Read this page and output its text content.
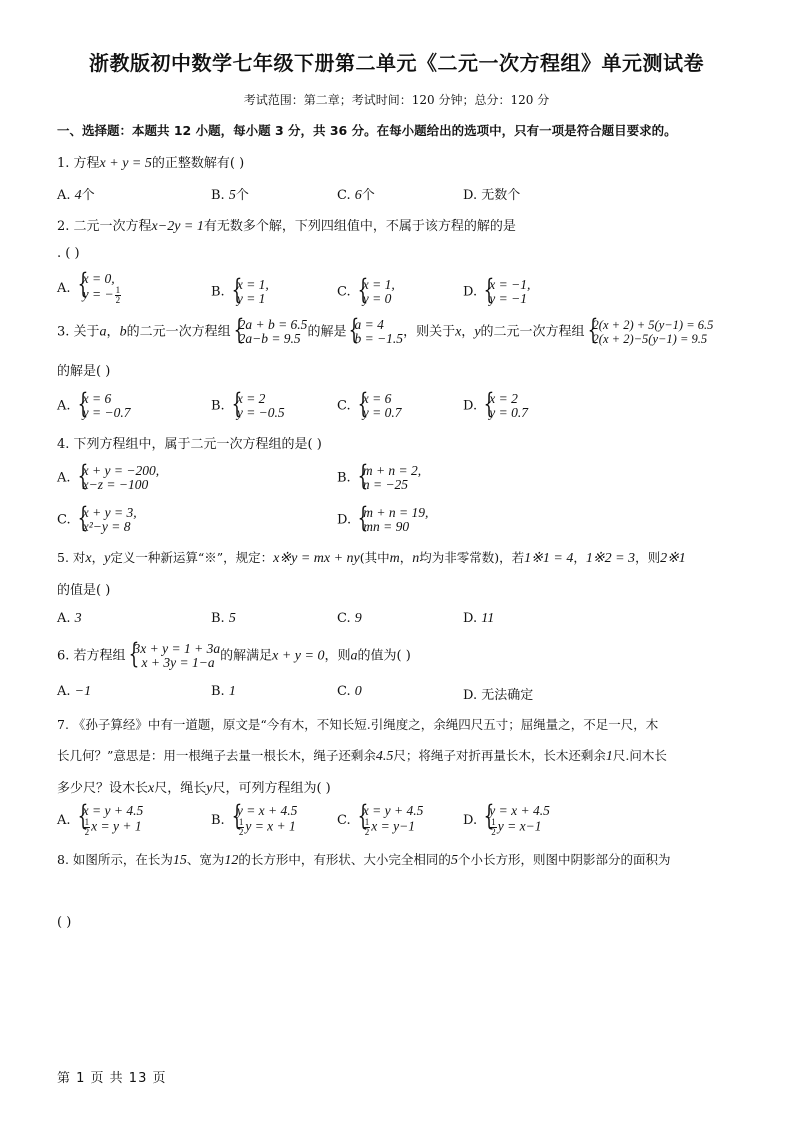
浙教版初中数学七年级下册第二单元《二元一次方程组》单元测试卷
考试范围：第二章；考试时间：120 分钟；总分：120 分
一、选择题：本题共 12 小题，每小题 3 分，共 36 分。在每小题给出的选项中，只有一项是符合题目要求的。
1. 方程x + y = 5的正整数解有( )
A. 4个	B. 5个	C. 6个	D. 无数个
2. 二元一次方程x−2y = 1有无数多个解，下列四组值中，不属于该方程的解的是
. ( )
A.
{ x = 0,
y = − $\frac{1}{2}$	B. { x = 1,
y = 1	C. { x = 1,
y = 0	D. { x = −1,
y = −1
3. 关于a，b的二元一次方程组 { 2a + b = 6.5
2a−b = 9.5 的解是 { a = 4
b = −1.5 ，则关于x，y的二元一次方程组 { 2(x + 2) + 5(y−1) = 6.5
2(x + 2)−5(y−1) = 9.5
的解是( )
A. { x = 6
y = −0.7	B. { x = 2
y = −0.5	C. { x = 6
y = 0.7	D. { x = 2
y = 0.7
4. 下列方程组中，属于二元一次方程组的是( )
A. { x + y = −200,
x−z = −100	B. { m + n = 2,
n = −25
C. { x + y = 3,
x²−y = 8	D. { m + n = 19,
mn = 90
5. 对x，y定义一种新运算“※”，规定：x※y = mx + ny(其中m，n均为非零常数)，若1※1 = 4，1※2 = 3，则2※1
的值是( )
A. 3	B. 5	C. 9	D. 11
6. 若方程组 { 3x + y = 1 + 3a
x + 3y = 1−a 的解满足x + y = 0，则a的值为( )
A. −1	B. 1	C. 0	D. 无法确定
7. 《孙子算经》中有一道题，原文是“今有木，不知长短.引绳度之，余绳四尺五寸；屈绳量之，不足一尺，木
长几何？”意思是：用一根绳子去量一根长木，绳子还剩余4.5尺；将绳子对折再量长木，长木还剩余1尺.问木长
多少尺？设木长x尺，绳长y尺，可列方程组为( )
A.
{ x = y + 4.5
$\frac{1}{2}$ x = y + 1	B.
{ y = x + 4.5
$\frac{1}{2}$ y = x + 1	C.
{ x = y + 4.5
$\frac{1}{2}$ x = y−1	D.
{ y = x + 4.5
$\frac{1}{2}$ y = x−1
8. 如图所示，在长为15、宽为12的长方形中，有形状、大小完全相同的5个小长方形，则图中阴影部分的面积为
( )
第 1 页 共 13 页
